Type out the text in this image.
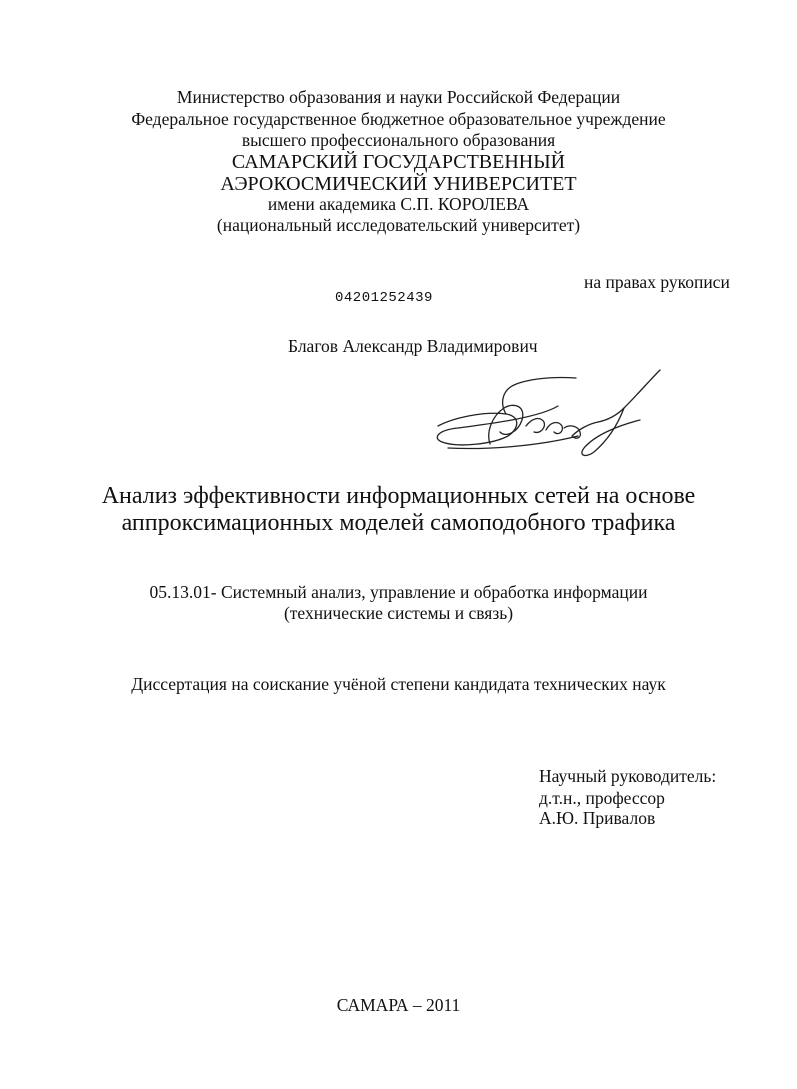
Министерство образования и науки Российской Федерации
Федеральное государственное бюджетное образовательное учреждение
высшего профессионального образования
САМАРСКИЙ ГОСУДАРСТВЕННЫЙ
АЭРОКОСМИЧЕСКИЙ УНИВЕРСИТЕТ
имени академика С.П. КОРОЛЕВА
(национальный исследовательский университет)
на правах рукописи
04201252439
Благов Александр Владимирович
Анализ эффективности информационных сетей на основе
аппроксимационных моделей самоподобного трафика
05.13.01- Системный анализ, управление и обработка информации
(технические системы и связь)
Диссертация на соискание учёной степени кандидата технических наук
Научный руководитель:
д.т.н., профессор
А.Ю. Привалов
САМАРА – 2011
